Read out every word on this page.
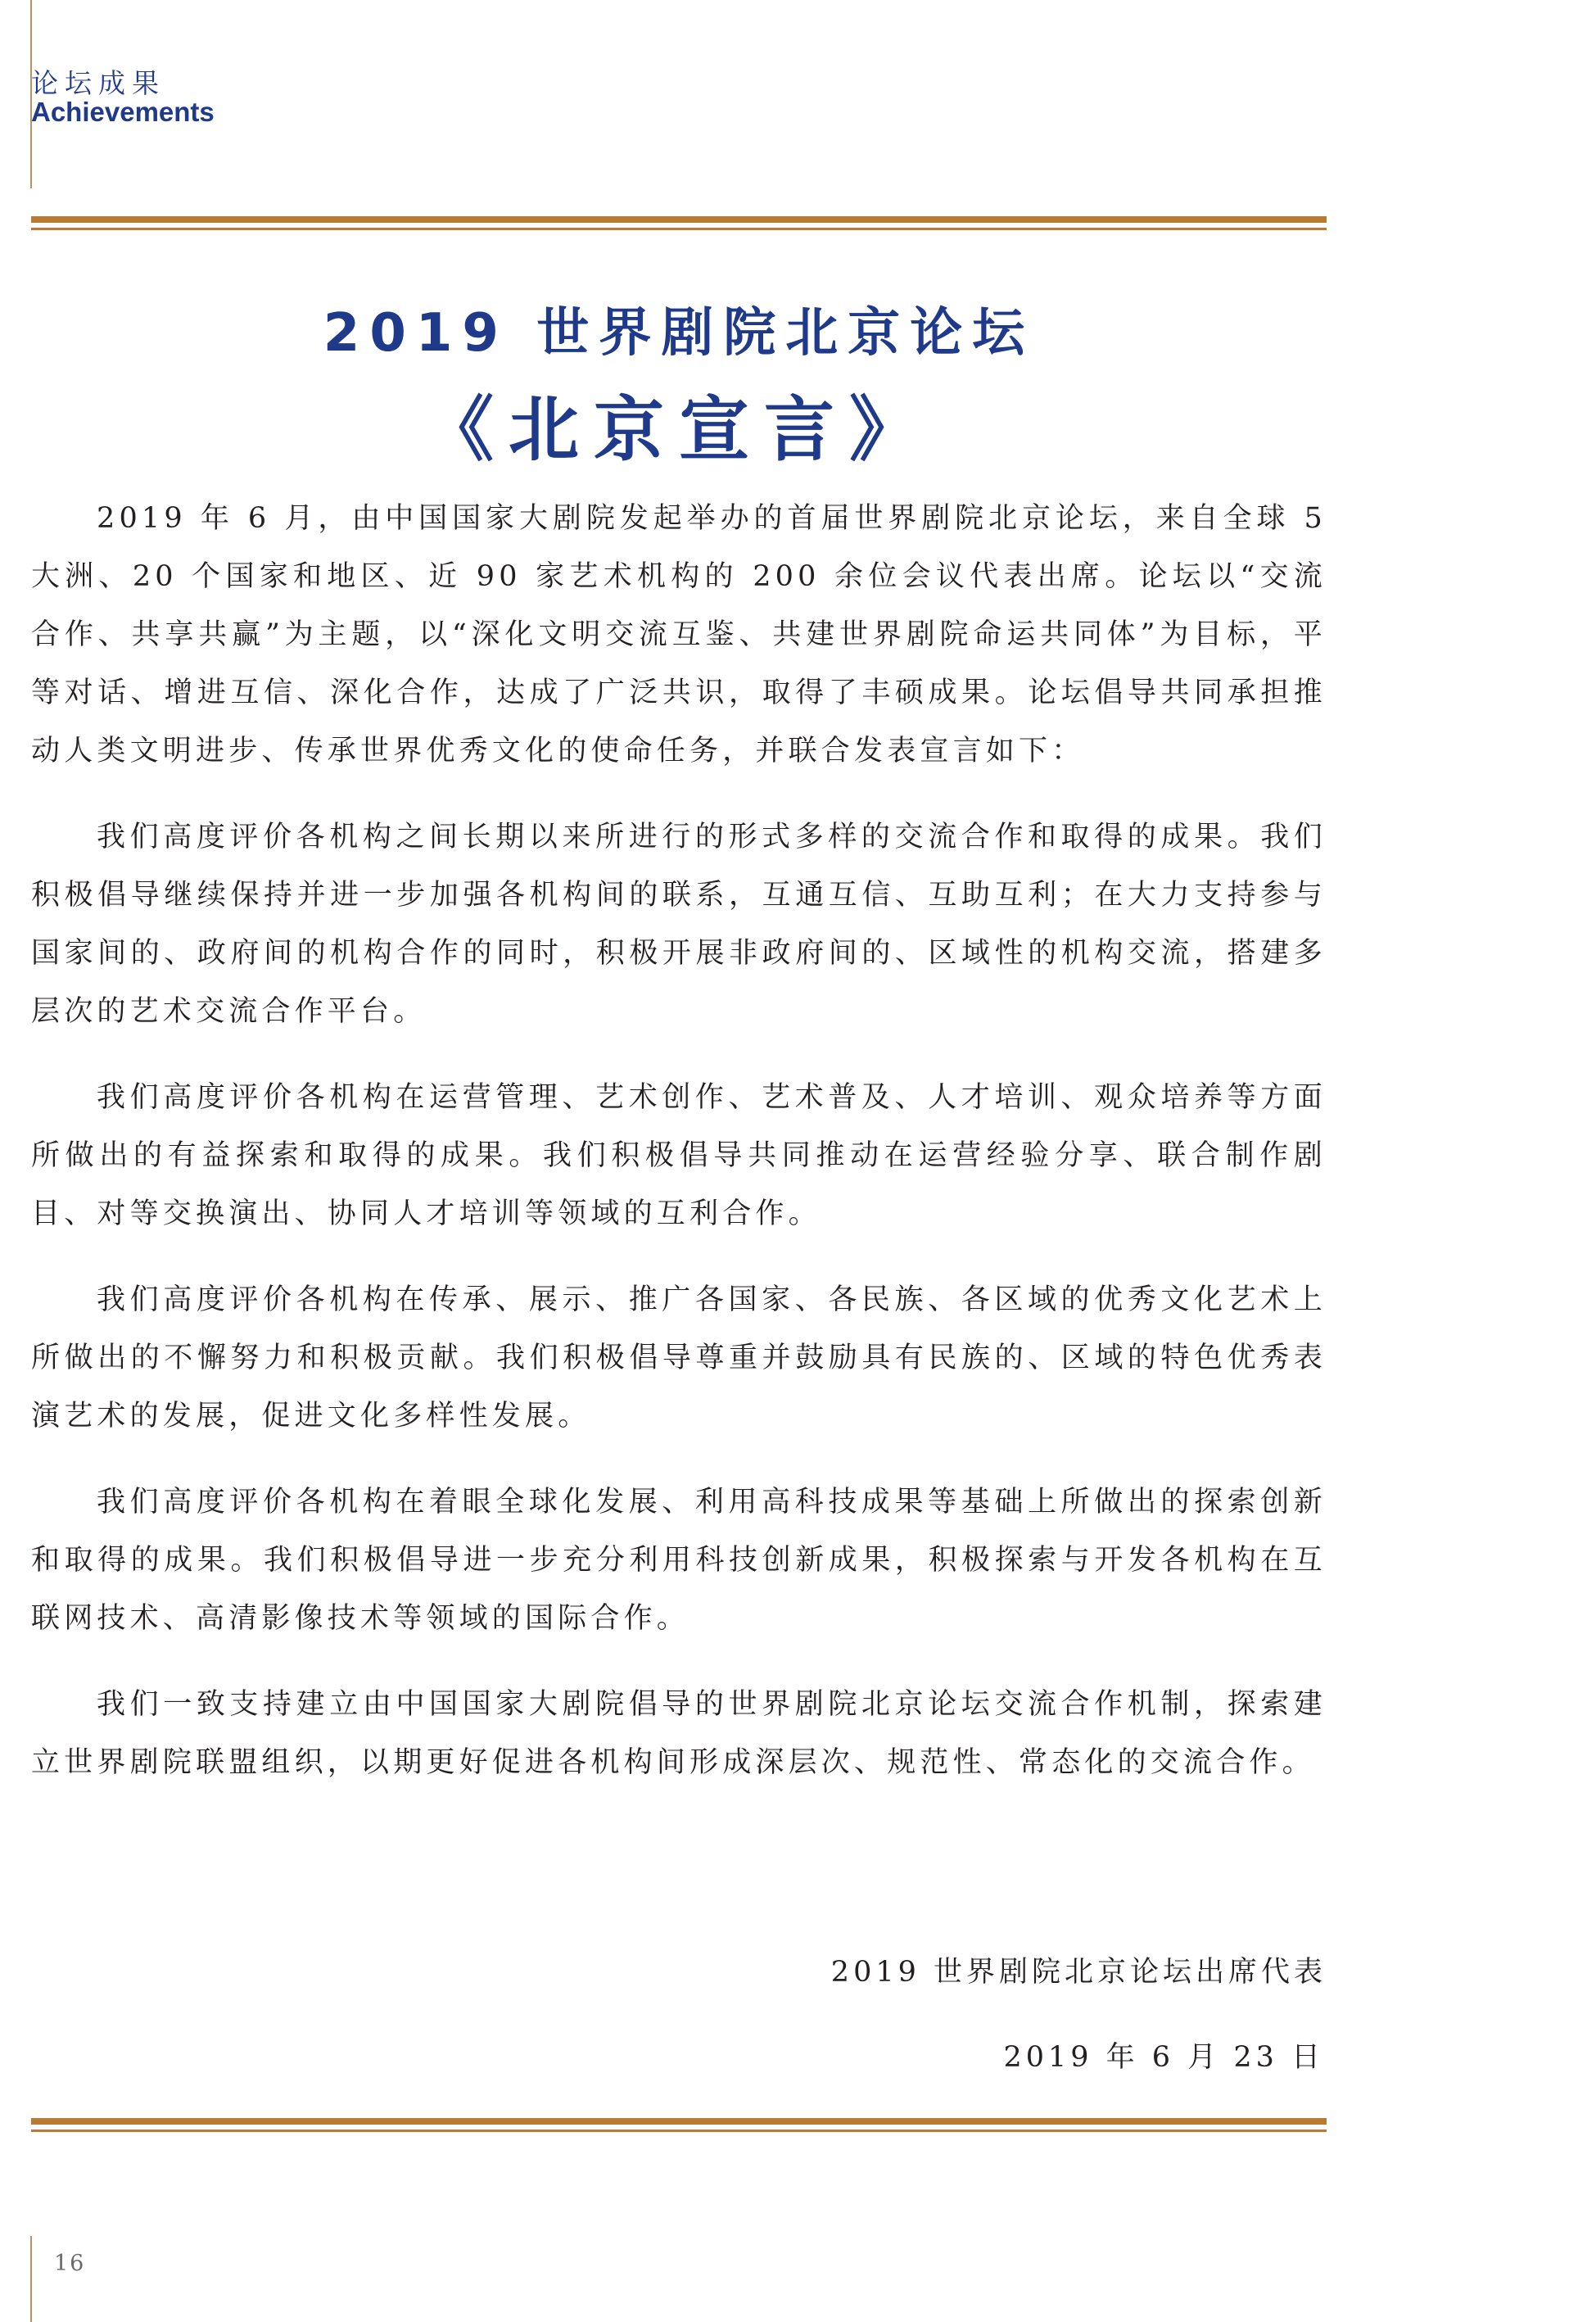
论坛成果
Achievements
2019 世界剧院北京论坛
《北京宣言》

2019 年 6 月，由中国国家大剧院发起举办的首届世界剧院北京论坛，来自全球 5 大洲、20 个国家和地区、近 90 家艺术机构的 200 余位会议代表出席。论坛以“交流合作、共享共赢”为主题，以“深化文明交流互鉴、共建世界剧院命运共同体”为目标，平等对话、增进互信、深化合作，达成了广泛共识，取得了丰硕成果。论坛倡导共同承担推动人类文明进步、传承世界优秀文化的使命任务，并联合发表宣言如下：

我们高度评价各机构之间长期以来所进行的形式多样的交流合作和取得的成果。我们积极倡导继续保持并进一步加强各机构间的联系，互通互信、互助互利；在大力支持参与国家间的、政府间的机构合作的同时，积极开展非政府间的、区域性的机构交流，搭建多层次的艺术交流合作平台。

我们高度评价各机构在运营管理、艺术创作、艺术普及、人才培训、观众培养等方面所做出的有益探索和取得的成果。我们积极倡导共同推动在运营经验分享、联合制作剧目、对等交换演出、协同人才培训等领域的互利合作。

我们高度评价各机构在传承、展示、推广各国家、各民族、各区域的优秀文化艺术上所做出的不懈努力和积极贡献。我们积极倡导尊重并鼓励具有民族的、区域的特色优秀表演艺术的发展，促进文化多样性发展。

我们高度评价各机构在着眼全球化发展、利用高科技成果等基础上所做出的探索创新和取得的成果。我们积极倡导进一步充分利用科技创新成果，积极探索与开发各机构在互联网技术、高清影像技术等领域的国际合作。

我们一致支持建立由中国国家大剧院倡导的世界剧院北京论坛交流合作机制，探索建立世界剧院联盟组织，以期更好促进各机构间形成深层次、规范性、常态化的交流合作。

2019 世界剧院北京论坛出席代表
2019 年 6 月 23 日
16
